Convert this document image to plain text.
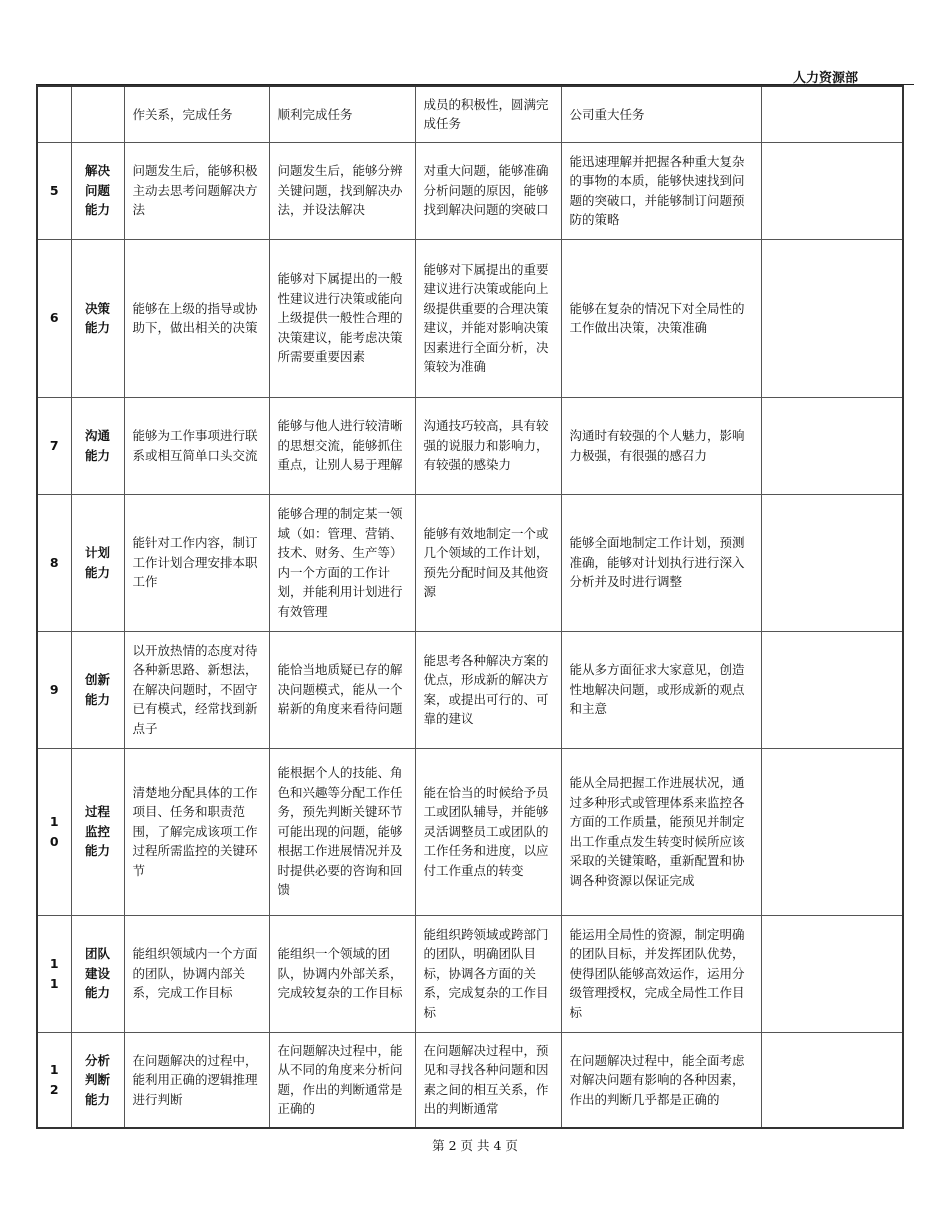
人力资源部
		作关系，完成任务	顺利完成任务	成员的积极性，圆满完成任务	公司重大任务	
5	解决问题能力	问题发生后，能够积极主动去思考问题解决方法	问题发生后，能够分辨关键问题，找到解决办法，并设法解决	对重大问题，能够准确分析问题的原因，能够找到解决问题的突破口	能迅速理解并把握各种重大复杂的事物的本质，能够快速找到问题的突破口，并能够制订问题预防的策略	
6	决策能力	能够在上级的指导或协助下，做出相关的决策	能够对下属提出的一般性建议进行决策或能向上级提供一般性合理的决策建议，能考虑决策所需要重要因素	能够对下属提出的重要建议进行决策或能向上级提供重要的合理决策建议，并能对影响决策因素进行全面分析，决策较为准确	能够在复杂的情况下对全局性的工作做出决策，决策准确	
7	沟通能力	能够为工作事项进行联系或相互简单口头交流	能够与他人进行较清晰的思想交流，能够抓住重点，让别人易于理解	沟通技巧较高，具有较强的说服力和影响力，有较强的感染力	沟通时有较强的个人魅力，影响力极强，有很强的感召力	
8	计划能力	能针对工作内容，制订工作计划合理安排本职工作	能够合理的制定某一领域（如：管理、营销、技术、财务、生产等）内一个方面的工作计划，并能利用计划进行有效管理	能够有效地制定一个或几个领域的工作计划，预先分配时间及其他资源	能够全面地制定工作计划，预测准确，能够对计划执行进行深入分析并及时进行调整	
9	创新能力	以开放热情的态度对待各种新思路、新想法，在解决问题时，不固守已有模式，经常找到新点子	能恰当地质疑已存的解决问题模式，能从一个崭新的角度来看待问题	能思考各种解决方案的优点，形成新的解决方案，或提出可行的、可靠的建议	能从多方面征求大家意见，创造性地解决问题，或形成新的观点和主意	
10	过程监控能力	清楚地分配具体的工作项目、任务和职责范围，了解完成该项工作过程所需监控的关键环节	能根据个人的技能、角色和兴趣等分配工作任务，预先判断关键环节可能出现的问题，能够根据工作进展情况并及时提供必要的咨询和回馈	能在恰当的时候给予员工或团队辅导，并能够灵活调整员工或团队的工作任务和进度，以应付工作重点的转变	能从全局把握工作进展状况，通过多种形式或管理体系来监控各方面的工作质量，能预见并制定出工作重点发生转变时候所应该采取的关键策略，重新配置和协调各种资源以保证完成	
11	团队建设能力	能组织领域内一个方面的团队，协调内部关系，完成工作目标	能组织一个领域的团队，协调内外部关系，完成较复杂的工作目标	能组织跨领域或跨部门的团队，明确团队目标，协调各方面的关系，完成复杂的工作目标	能运用全局性的资源，制定明确的团队目标，并发挥团队优势，使得团队能够高效运作，运用分级管理授权，完成全局性工作目标	
12	分析判断能力	在问题解决的过程中，能利用正确的逻辑推理进行判断	在问题解决过程中，能从不同的角度来分析问题，作出的判断通常是正确的	在问题解决过程中，预见和寻找各种问题和因素之间的相互关系，作出的判断通常	在问题解决过程中，能全面考虑对解决问题有影响的各种因素，作出的判断几乎都是正确的	
第 2 页 共 4 页
